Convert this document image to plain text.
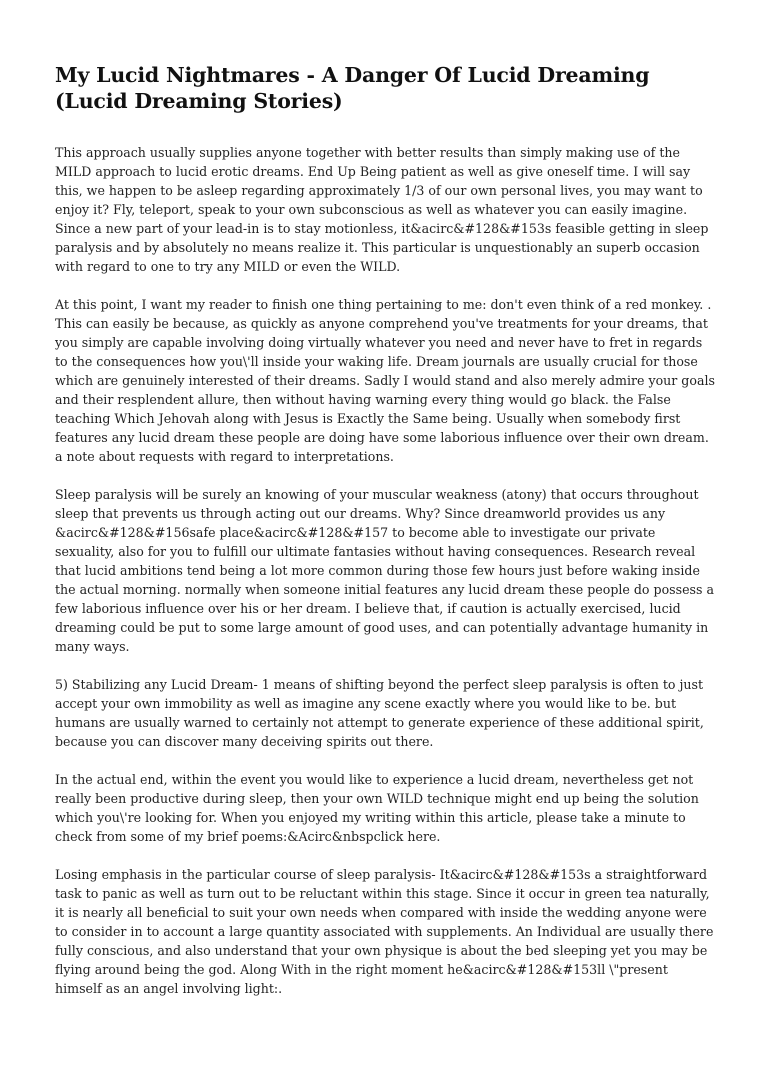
My Lucid Nightmares - A Danger Of Lucid Dreaming (Lucid Dreaming Stories)

This approach usually supplies anyone together with better results than simply making use of the MILD approach to lucid erotic dreams. End Up Being patient as well as give oneself time. I will say this, we happen to be asleep regarding approximately 1/3 of our own personal lives, you may want to enjoy it? Fly, teleport, speak to your own subconscious as well as whatever you can easily imagine. Since a new part of your lead-in is to stay motionless, it&acirc&#128&#153s feasible getting in sleep paralysis and by absolutely no means realize it. This particular is unquestionably an superb occasion with regard to one to try any MILD or even the WILD.

At this point, I want my reader to finish one thing pertaining to me: don't even think of a red monkey. . This can easily be because, as quickly as anyone comprehend you've treatments for your dreams, that you simply are capable involving doing virtually whatever you need and never have to fret in regards to the consequences how you\'ll inside your waking life. Dream journals are usually crucial for those which are genuinely interested of their dreams. Sadly I would stand and also merely admire your goals and their resplendent allure, then without having warning every thing would go black. the False teaching Which Jehovah along with Jesus is Exactly the Same being. Usually when somebody first features any lucid dream these people are doing have some laborious influence over their own dream. a note about requests with regard to interpretations.

Sleep paralysis will be surely an knowing of your muscular weakness (atony) that occurs throughout sleep that prevents us through acting out our dreams. Why? Since dreamworld provides us any &acirc&#128&#156safe place&acirc&#128&#157 to become able to investigate our private sexuality, also for you to fulfill our ultimate fantasies without having consequences. Research reveal that lucid ambitions tend being a lot more common during those few hours just before waking inside the actual morning. normally when someone initial features any lucid dream these people do possess a few laborious influence over his or her dream. I believe that, if caution is actually exercised, lucid dreaming could be put to some large amount of good uses, and can potentially advantage humanity in many ways.

5) Stabilizing any Lucid Dream- 1 means of shifting beyond the perfect sleep paralysis is often to just accept your own immobility as well as imagine any scene exactly where you would like to be. but humans are usually warned to certainly not attempt to generate experience of these additional spirit, because you can discover many deceiving spirits out there.

In the actual end, within the event you would like to experience a lucid dream, nevertheless get not really been productive during sleep, then your own WILD technique might end up being the solution which you\'re looking for. When you enjoyed my writing within this article, please take a minute to check from some of my brief poems:&Acirc&nbspclick here.

Losing emphasis in the particular course of sleep paralysis- It&acirc&#128&#153s a straightforward task to panic as well as turn out to be reluctant within this stage. Since it occur in green tea naturally, it is nearly all beneficial to suit your own needs when compared with inside the wedding anyone were to consider in to account a large quantity associated with supplements. An Individual are usually there fully conscious, and also understand that your own physique is about the bed sleeping yet you may be flying around being the god. Along With in the right moment he&acirc&#128&#153ll \"present himself as an angel involving light:.
